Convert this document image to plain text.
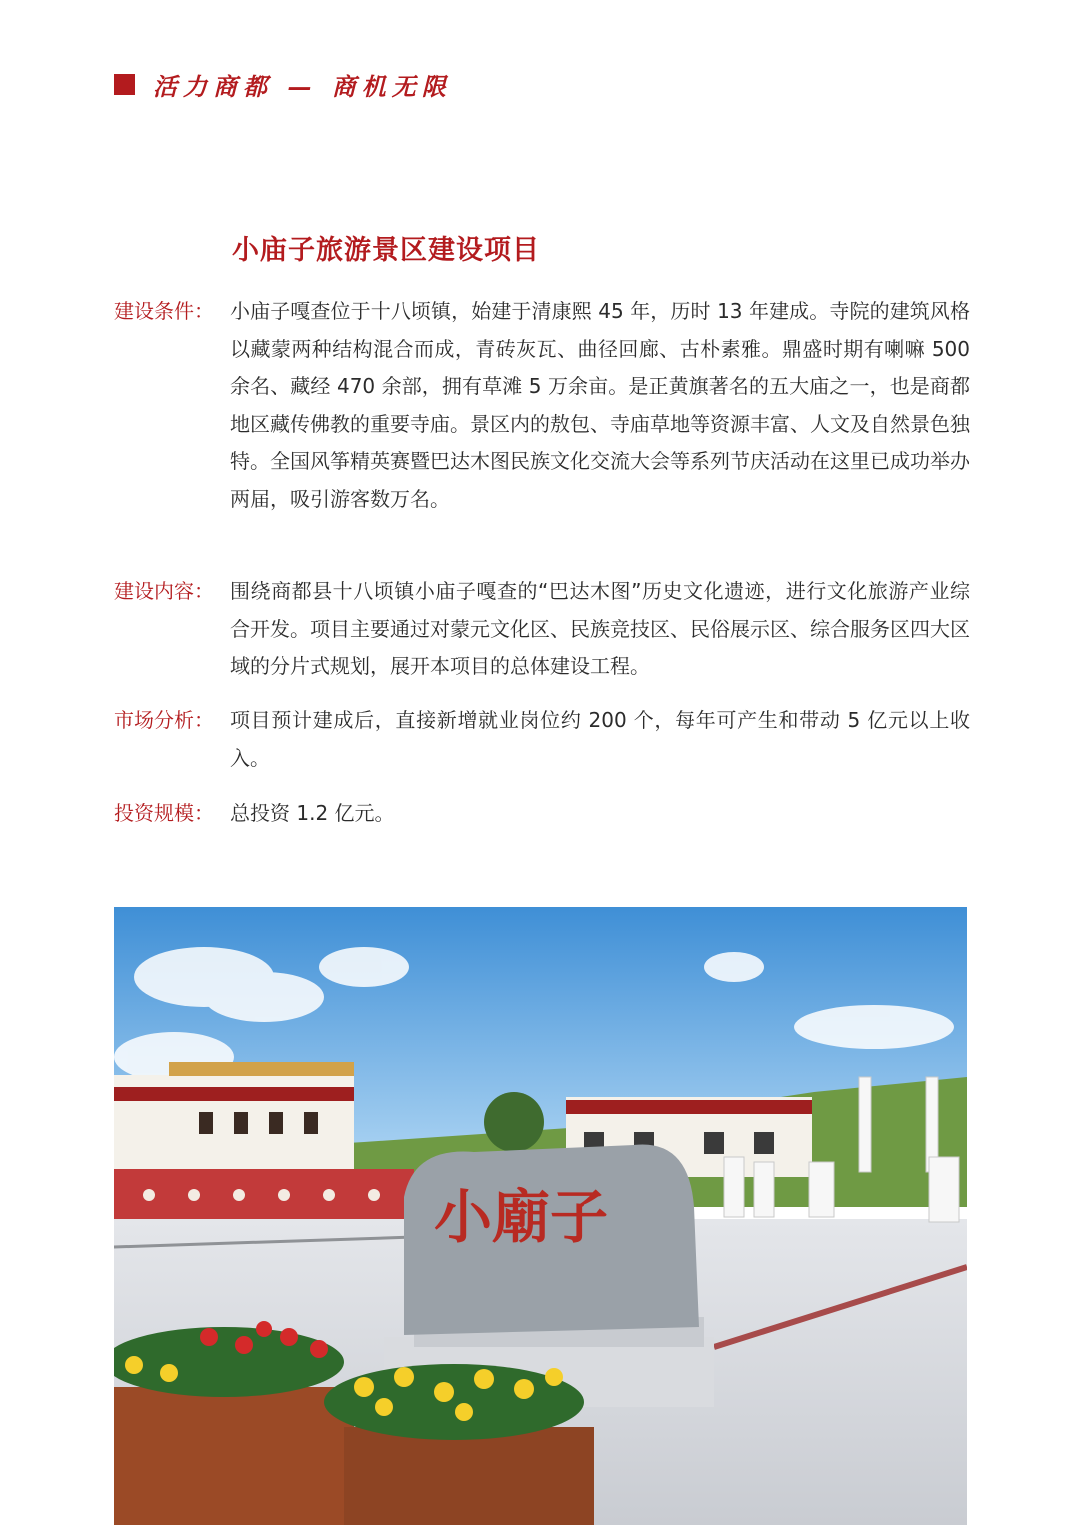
活力商都 — 商机无限
小庙子旅游景区建设项目
建设条件： 小庙子嘎查位于十八顷镇，始建于清康熙 45 年，历时 13 年建成。寺院的建筑风格以藏蒙两种结构混合而成，青砖灰瓦、曲径回廊、古朴素雅。鼎盛时期有喇嘛 500 余名、藏经 470 余部，拥有草滩 5 万余亩。是正黄旗著名的五大庙之一，也是商都地区藏传佛教的重要寺庙。景区内的敖包、寺庙草地等资源丰富、人文及自然景色独特。全国风筝精英赛暨巴达木图民族文化交流大会等系列节庆活动在这里已成功举办两届，吸引游客数万名。
建设内容： 围绕商都县十八顷镇小庙子嘎查的“巴达木图”历史文化遗迹，进行文化旅游产业综合开发。项目主要通过对蒙元文化区、民族竞技区、民俗展示区、综合服务区四大区域的分片式规划，展开本项目的总体建设工程。
市场分析： 项目预计建成后，直接新增就业岗位约 200 个，每年可产生和带动 5 亿元以上收入。
投资规模： 总投资 1.2 亿元。
小廟子
